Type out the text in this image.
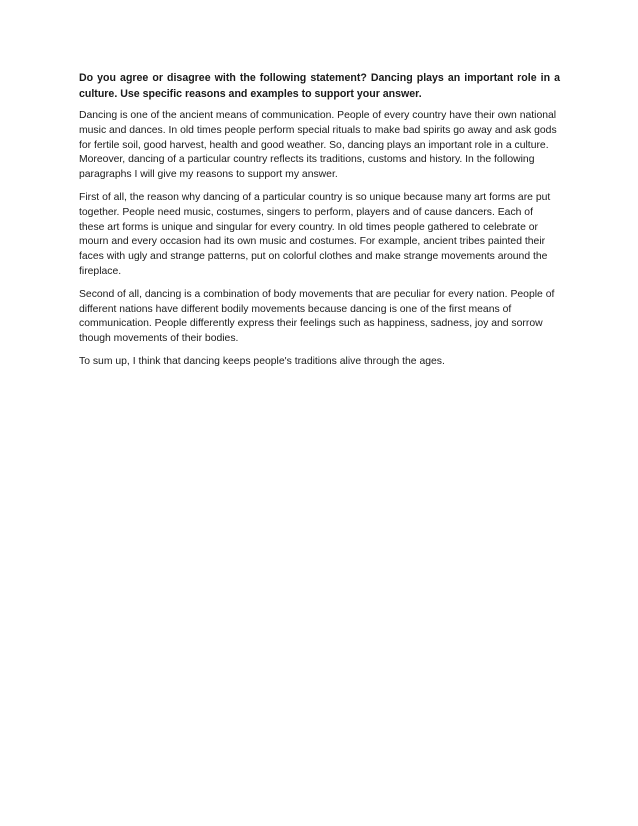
Do you agree or disagree with the following statement? Dancing plays an important role in a culture. Use specific reasons and examples to support your answer.

Dancing is one of the ancient means of communication. People of every country have their own national music and dances. In old times people perform special rituals to make bad spirits go away and ask gods for fertile soil, good harvest, health and good weather. So, dancing plays an important role in a culture. Moreover, dancing of a particular country reflects its traditions, customs and history. In the following paragraphs I will give my reasons to support my answer.

First of all, the reason why dancing of a particular country is so unique because many art forms are put together. People need music, costumes, singers to perform, players and of cause dancers. Each of these art forms is unique and singular for every country. In old times people gathered to celebrate or mourn and every occasion had its own music and costumes. For example, ancient tribes painted their faces with ugly and strange patterns, put on colorful clothes and make strange movements around the fireplace.

Second of all, dancing is a combination of body movements that are peculiar for every nation. People of different nations have different bodily movements because dancing is one of the first means of communication. People differently express their feelings such as happiness, sadness, joy and sorrow though movements of their bodies.

To sum up, I think that dancing keeps people's traditions alive through the ages.
